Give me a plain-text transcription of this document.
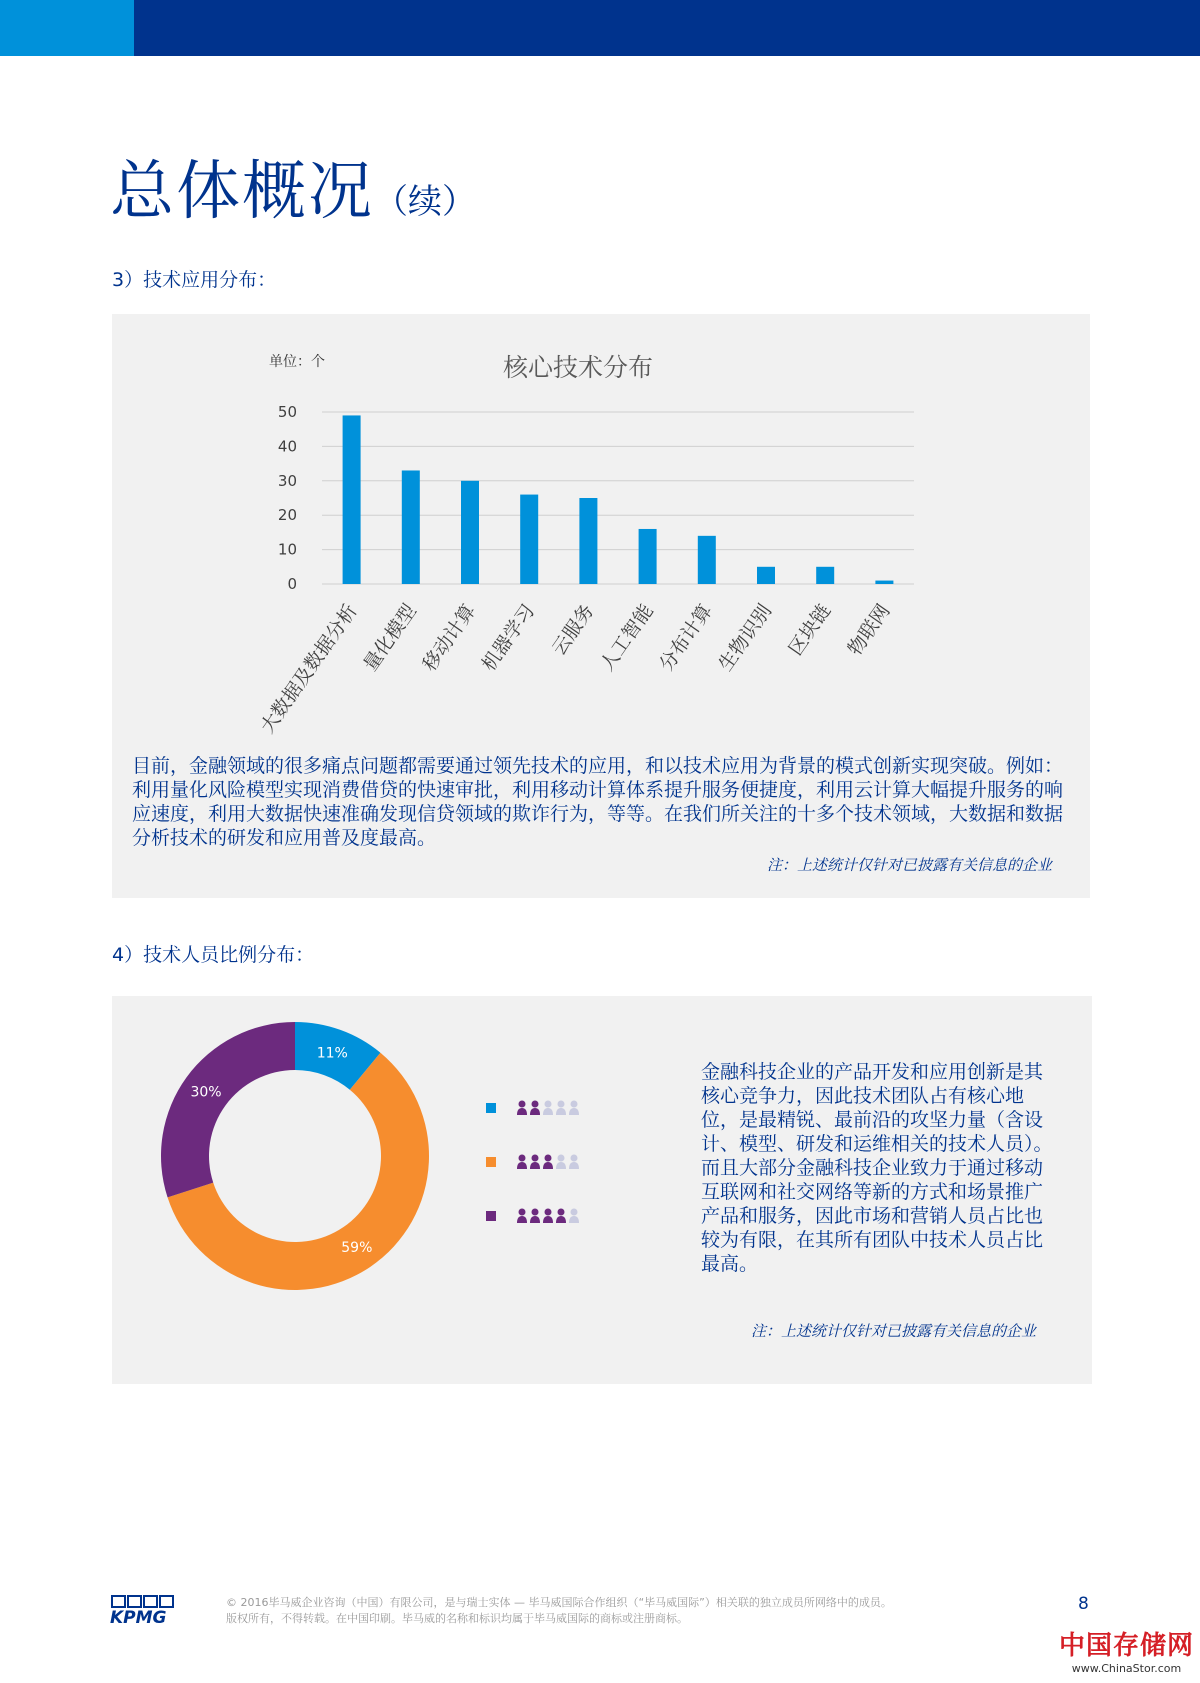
总体概况（续）
3）技术应用分布：
核心技术分布
单位：个
0
10
20
30
40
50
大数据及数据分析
量化模型
移动计算
机器学习 云服务
人工智能
分布计算
生物识别 区块链 物联网
目前，金融领域的很多痛点问题都需要通过领先技术的应用，和以技术应用为背景的模式创新实现突破。例如：利用量化风险模型实现消费借贷的快速审批，利用移动计算体系提升服务便捷度，利用云计算大幅提升服务的响应速度，利用大数据快速准确发现信贷领域的欺诈行为，等等。在我们所关注的十多个技术领域，大数据和数据分析技术的研发和应用普及度最高。
注：上述统计仅针对已披露有关信息的企业
4）技术人员比例分布：
11%
59%
30%
金融科技企业的产品开发和应用创新是其核心竞争力，因此技术团队占有核心地位，是最精锐、最前沿的攻坚力量（含设计、模型、研发和运维相关的技术人员）。而且大部分金融科技企业致力于通过移动互联网和社交网络等新的方式和场景推广产品和服务，因此市场和营销人员占比也较为有限，在其所有团队中技术人员占比最高。
注：上述统计仅针对已披露有关信息的企业
KPMG
© 2016毕马威企业咨询（中国）有限公司，是与瑞士实体 — 毕马威国际合作组织（“毕马威国际”）相关联的独立成员所网络中的成员。
版权所有，不得转载。在中国印刷。毕马威的名称和标识均属于毕马威国际的商标或注册商标。
8
中国存储网
www.ChinaStor.com
